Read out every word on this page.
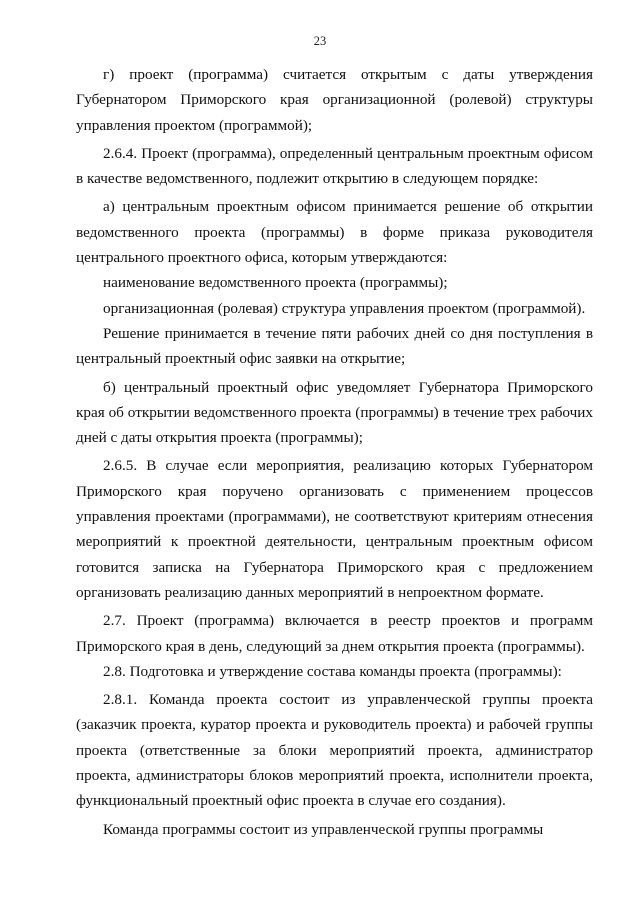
23

г) проект (программа) считается открытым с даты утверждения Губернатором Приморского края организационной (ролевой) структуры управления проектом (программой);

2.6.4. Проект (программа), определенный центральным проектным офисом в качестве ведомственного, подлежит открытию в следующем порядке:

а) центральным проектным офисом принимается решение об открытии ведомственного проекта (программы) в форме приказа руководителя центрального проектного офиса, которым утверждаются:

наименование ведомственного проекта (программы);

организационная (ролевая) структура управления проектом (программой).

Решение принимается в течение пяти рабочих дней со дня поступления в центральный проектный офис заявки на открытие;

б) центральный проектный офис уведомляет Губернатора Приморского края об открытии ведомственного проекта (программы) в течение трех рабочих дней с даты открытия проекта (программы);

2.6.5. В случае если мероприятия, реализацию которых Губернатором Приморского края поручено организовать с применением процессов управления проектами (программами), не соответствуют критериям отнесения мероприятий к проектной деятельности, центральным проектным офисом готовится записка на Губернатора Приморского края с предложением организовать реализацию данных мероприятий в непроектном формате.

2.7. Проект (программа) включается в реестр проектов и программ Приморского края в день, следующий за днем открытия проекта (программы).

2.8. Подготовка и утверждение состава команды проекта (программы):

2.8.1. Команда проекта состоит из управленческой группы проекта (заказчик проекта, куратор проекта и руководитель проекта) и рабочей группы проекта (ответственные за блоки мероприятий проекта, администратор проекта, администраторы блоков мероприятий проекта, исполнители проекта, функциональный проектный офис проекта в случае его создания).

Команда программы состоит из управленческой группы программы
